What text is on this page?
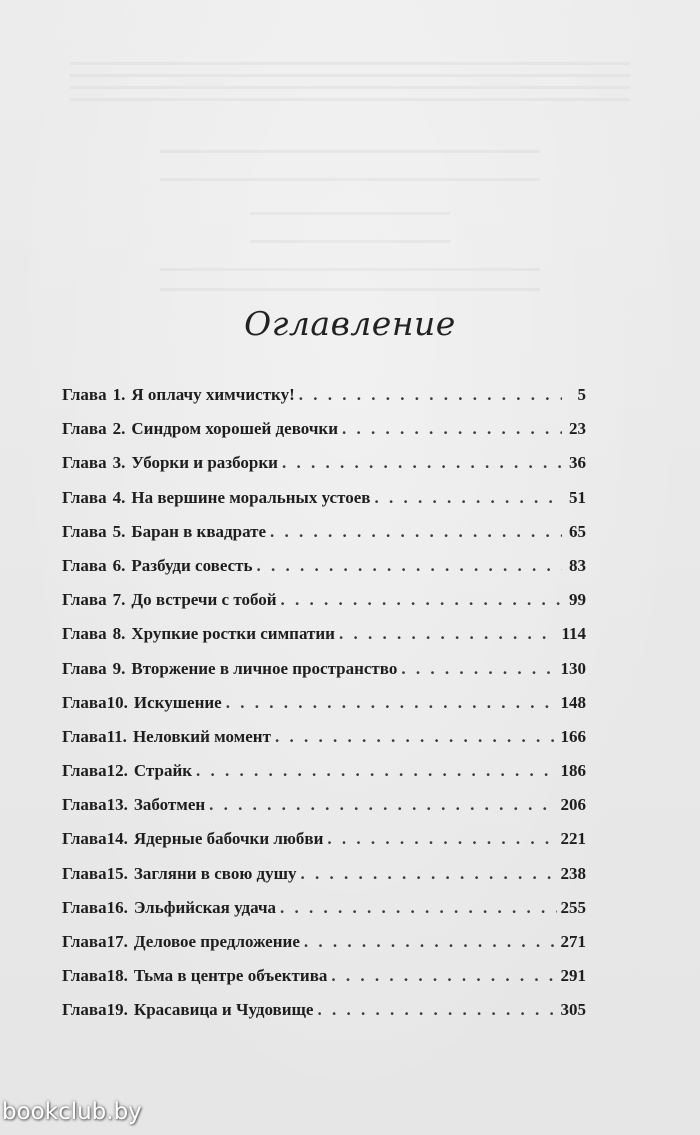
Оглавление
Глава 1. Я оплачу химчистку! . . .	5
Глава 2. Синдром хорошей девочки . . .	23
Глава 3. Уборки и разборки . . .	36
Глава 4. На вершине моральных устоев . . .	51
Глава 5. Баран в квадрате . . .	65
Глава 6. Разбуди совесть . . .	83
Глава 7. До встречи с тобой . . .	99
Глава 8. Хрупкие ростки симпатии . . .	114
Глава 9. Вторжение в личное пространство . . .	130
Глава 10. Искушение . . .	148
Глава 11. Неловкий момент . . .	166
Глава 12. Страйк . . .	186
Глава 13. Заботмен . . .	206
Глава 14. Ядерные бабочки любви . . .	221
Глава 15. Загляни в свою душу . . .	238
Глава 16. Эльфийская удача . . .	255
Глава 17. Деловое предложение . . .	271
Глава 18. Тьма в центре объектива . . .	291
Глава 19. Красавица и Чудовище . . .	305
bookclub.by
